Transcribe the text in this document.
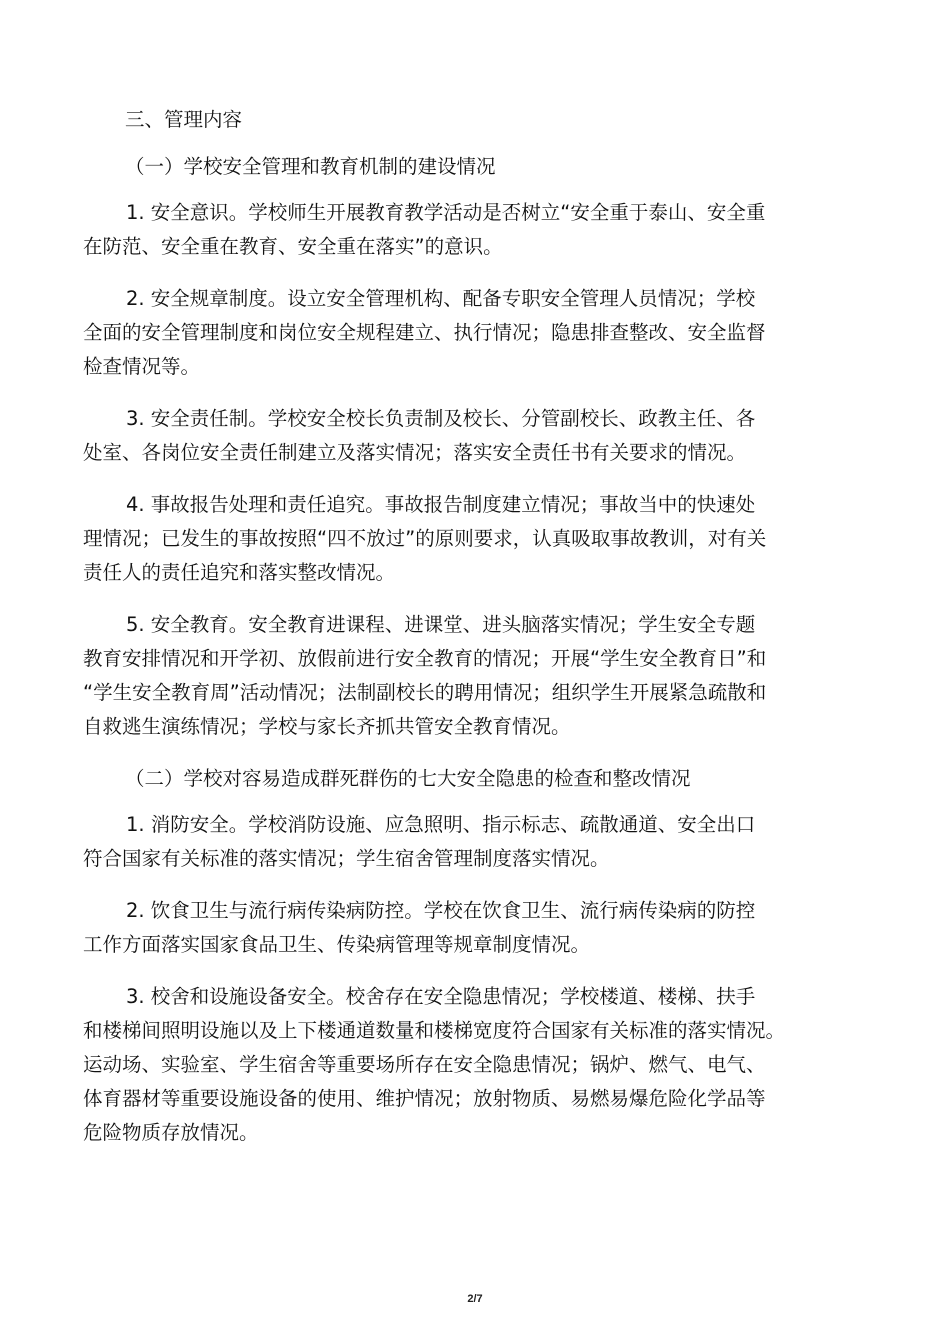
三、管理内容

（一）学校安全管理和教育机制的建设情况

1. 安全意识。学校师生开展教育教学活动是否树立“安全重于泰山、安全重
在防范、安全重在教育、安全重在落实”的意识。
2. 安全规章制度。设立安全管理机构、配备专职安全管理人员情况；学校
全面的安全管理制度和岗位安全规程建立、执行情况；隐患排查整改、安全监督
检查情况等。
3. 安全责任制。学校安全校长负责制及校长、分管副校长、政教主任、各
处室、各岗位安全责任制建立及落实情况；落实安全责任书有关要求的情况。
4. 事故报告处理和责任追究。事故报告制度建立情况；事故当中的快速处
理情况；已发生的事故按照“四不放过”的原则要求，认真吸取事故教训，对有关
责任人的责任追究和落实整改情况。
5. 安全教育。安全教育进课程、进课堂、进头脑落实情况；学生安全专题
教育安排情况和开学初、放假前进行安全教育的情况；开展“学生安全教育日”和
“学生安全教育周”活动情况；法制副校长的聘用情况；组织学生开展紧急疏散和
自救逃生演练情况；学校与家长齐抓共管安全教育情况。

（二）学校对容易造成群死群伤的七大安全隐患的检查和整改情况

1. 消防安全。学校消防设施、应急照明、指示标志、疏散通道、安全出口
符合国家有关标准的落实情况；学生宿舍管理制度落实情况。
2. 饮食卫生与流行病传染病防控。学校在饮食卫生、流行病传染病的防控
工作方面落实国家食品卫生、传染病管理等规章制度情况。
3. 校舍和设施设备安全。校舍存在安全隐患情况；学校楼道、楼梯、扶手
和楼梯间照明设施以及上下楼通道数量和楼梯宽度符合国家有关标准的落实情况。
运动场、实验室、学生宿舍等重要场所存在安全隐患情况；锅炉、燃气、电气、
体育器材等重要设施设备的使用、维护情况；放射物质、易燃易爆危险化学品等
危险物质存放情况。
2/7
